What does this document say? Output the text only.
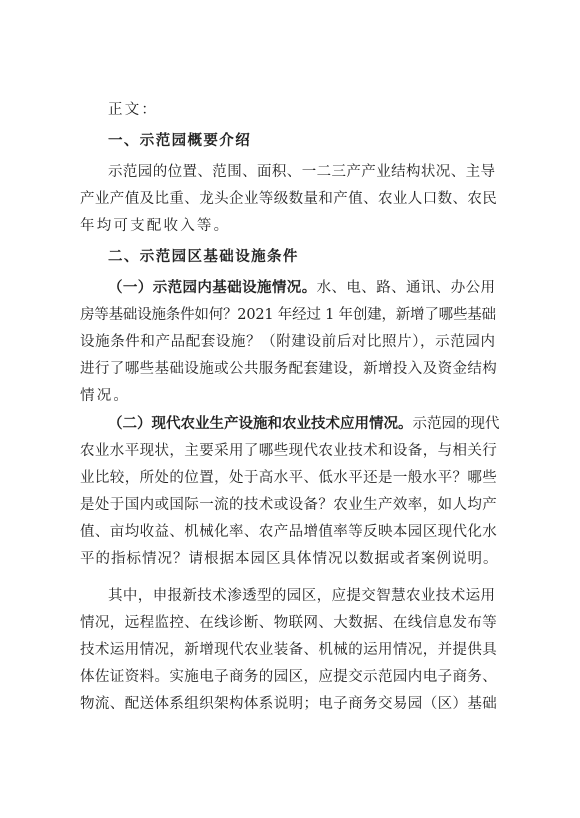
正文：
一、示范园概要介绍
示范园的位置、范围、面积、一二三产产业结构状况、主导
产业产值及比重、龙头企业等级数量和产值、农业人口数、农民
年均可支配收入等。
二、示范园区基础设施条件
（一）示范园内基础设施情况。水、电、路、通讯、办公用
房等基础设施条件如何？2021 年经过 1 年创建，新增了哪些基础
设施条件和产品配套设施？（附建设前后对比照片），示范园内
进行了哪些基础设施或公共服务配套建设，新增投入及资金结构
情况。
（二）现代农业生产设施和农业技术应用情况。示范园的现代
农业水平现状，主要采用了哪些现代农业技术和设备，与相关行
业比较，所处的位置，处于高水平、低水平还是一般水平？哪些
是处于国内或国际一流的技术或设备？农业生产效率，如人均产
值、亩均收益、机械化率、农产品增值率等反映本园区现代化水
平的指标情况？请根据本园区具体情况以数据或者案例说明。
其中，申报新技术渗透型的园区，应提交智慧农业技术运用
情况，远程监控、在线诊断、物联网、大数据、在线信息发布等
技术运用情况，新增现代农业装备、机械的运用情况，并提供具
体佐证资料。实施电子商务的园区，应提交示范园内电子商务、
物流、配送体系组织架构体系说明；电子商务交易园（区）基础
